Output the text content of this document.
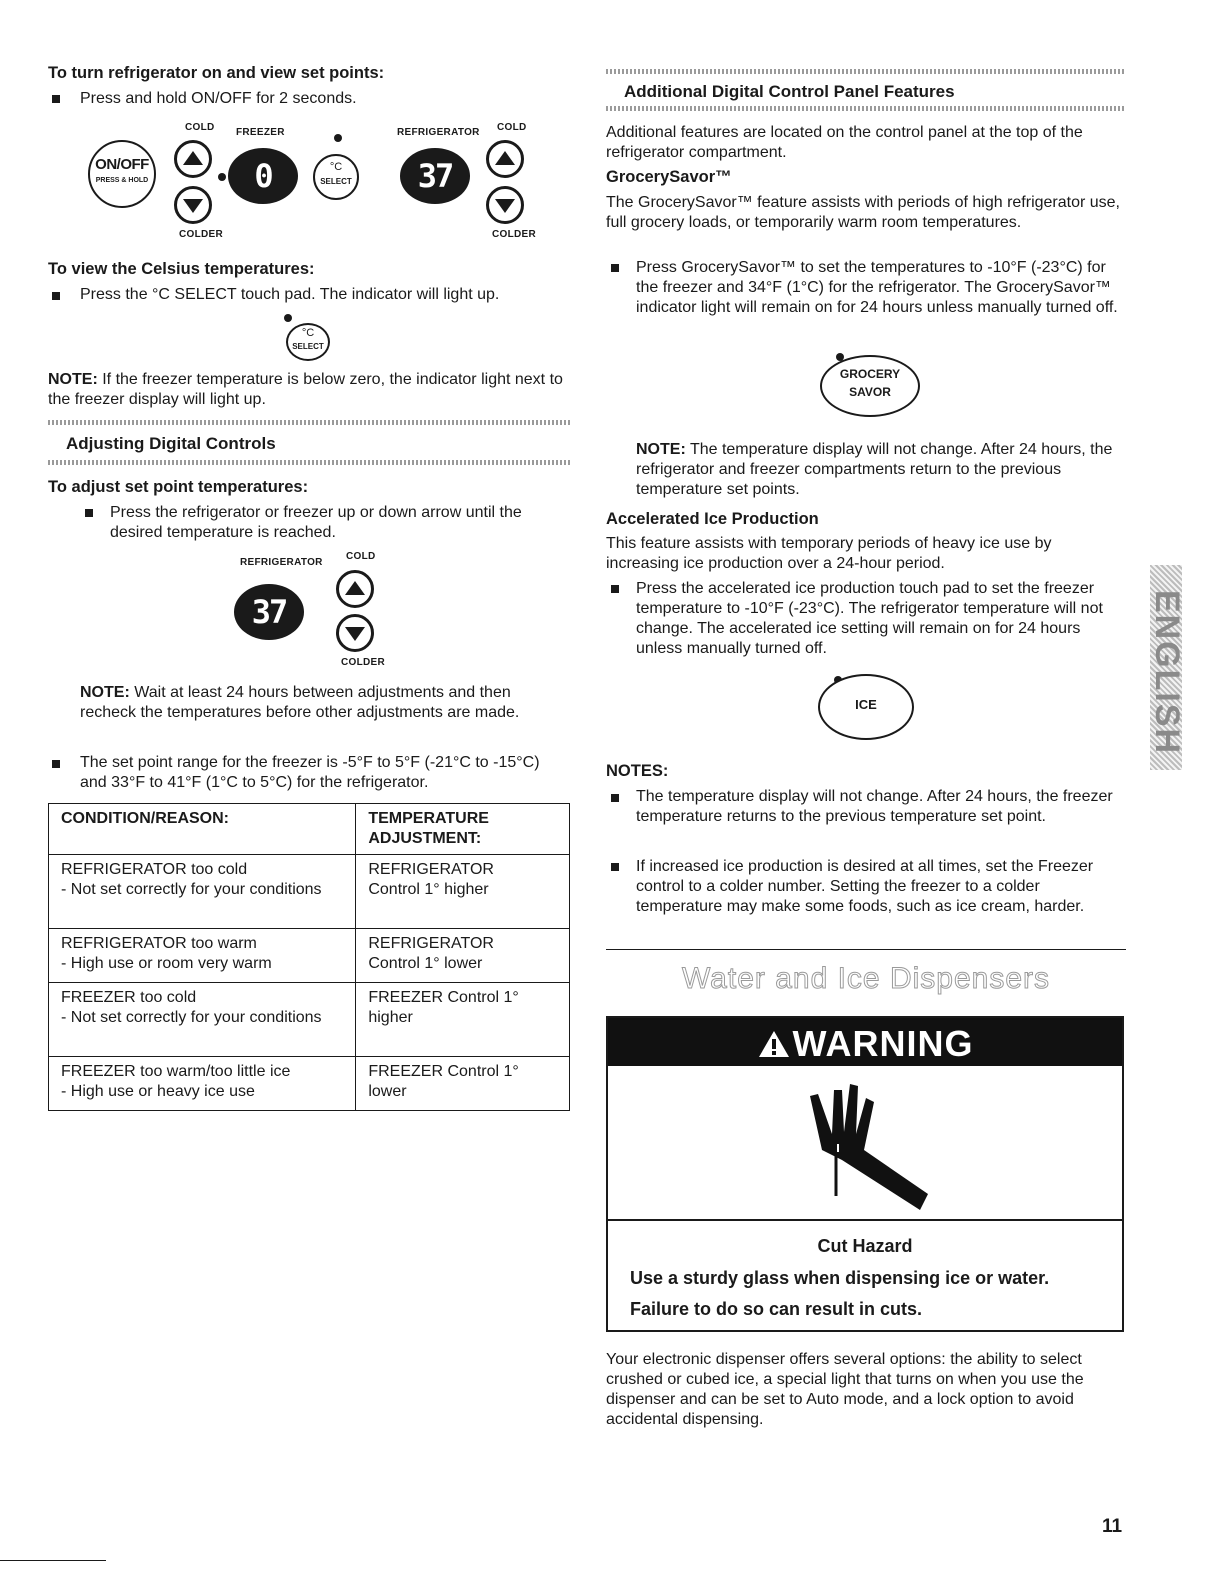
To turn refrigerator on and view set points:
Press and hold ON/OFF for 2 seconds.
COLD FREEZER	REFRIGERATOR COLD
ON/OFF
PRESS & HOLD	0	°C
SELECT	37
COLDER	COLDER
To view the Celsius temperatures:
Press the °C SELECT touch pad. The indicator will light up.
°C
SELECT
NOTE: If the freezer temperature is below zero, the indicator light next to the freezer display will light up.
Adjusting Digital Controls
To adjust set point temperatures:
Press the refrigerator or freezer up or down arrow until the desired temperature is reached.
REFRIGERATOR
COLD
37
COLDER
NOTE: Wait at least 24 hours between adjustments and then recheck the temperatures before other adjustments are made.
The set point range for the freezer is -5°F to 5°F (-21°C to -15°C) and 33°F to 41°F (1°C to 5°C) for the refrigerator.
CONDITION/REASON:	TEMPERATURE ADJUSTMENT:
REFRIGERATOR too cold
- Not set correctly for your conditions	REFRIGERATOR
Control 1° higher
REFRIGERATOR too warm
- High use or room very warm	REFRIGERATOR
Control 1° lower
FREEZER too cold
- Not set correctly for your conditions	FREEZER Control 1° higher
FREEZER too warm/too little ice
- High use or heavy ice use	FREEZER Control 1° lower
Additional Digital Control Panel Features
Additional features are located on the control panel at the top of the refrigerator compartment.
GrocerySavor™
The GrocerySavor™ feature assists with periods of high refrigerator use, full grocery loads, or temporarily warm room temperatures.
Press GrocerySavor™ to set the temperatures to -10°F (-23°C) for the freezer and 34°F (1°C) for the refrigerator. The GrocerySavor™ indicator light will remain on for 24 hours unless manually turned off.
GROCERY
SAVOR
NOTE: The temperature display will not change. After 24 hours, the refrigerator and freezer compartments return to the previous temperature set points.
Accelerated Ice Production
This feature assists with temporary periods of heavy ice use by increasing ice production over a 24-hour period.
Press the accelerated ice production touch pad to set the freezer temperature to -10°F (-23°C). The refrigerator temperature will not change. The accelerated ice setting will remain on for 24 hours unless manually turned off.
ICE
NOTES:
The temperature display will not change. After 24 hours, the freezer temperature returns to the previous temperature set point.
If increased ice production is desired at all times, set the Freezer control to a colder number. Setting the freezer to a colder temperature may make some foods, such as ice cream, harder.
Water and Ice Dispensers
WARNING
Cut Hazard
Use a sturdy glass when dispensing ice or water.
Failure to do so can result in cuts.
Your electronic dispenser offers several options: the ability to select crushed or cubed ice, a special light that turns on when you use the dispenser and can be set to Auto mode, and a lock option to avoid accidental dispensing.
ENGLISH
11
